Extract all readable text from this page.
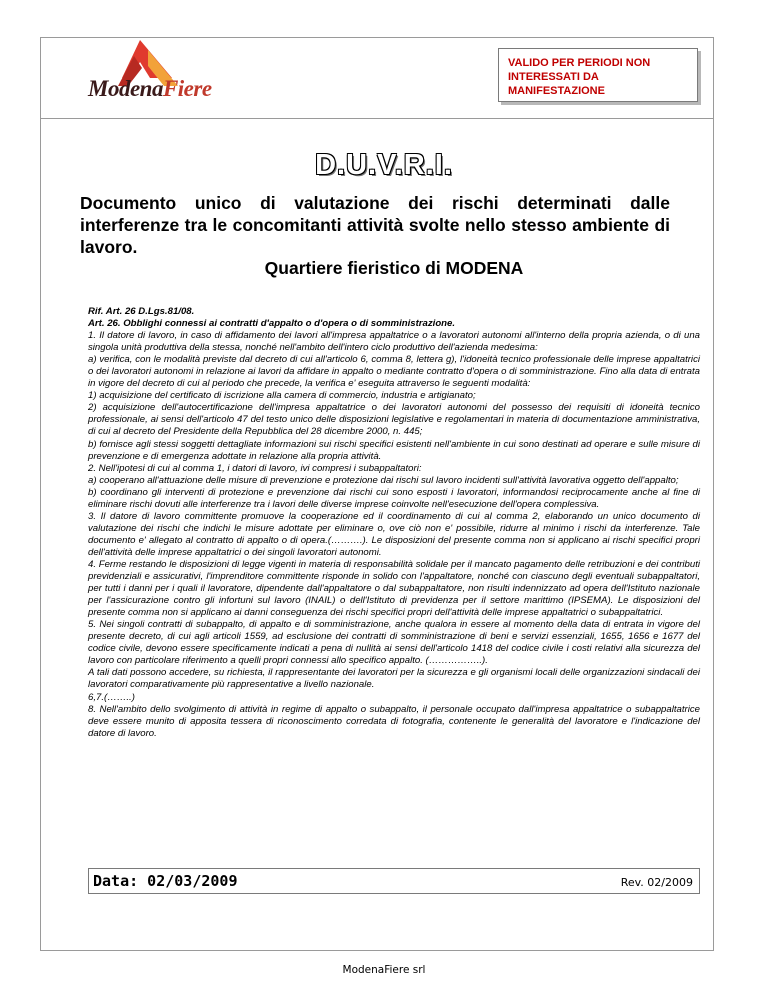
ModenaFiere
VALIDO PER PERIODI NON INTERESSATI DA MANIFESTAZIONE
D.U.V.R.I.
Documento unico di valutazione dei rischi determinati dalle interferenze tra le concomitanti attività svolte nello stesso ambiente di lavoro.
Quartiere fieristico di MODENA

Rif. Art. 26 D.Lgs.81/08.

Art. 26. Obblighi connessi ai contratti d'appalto o d'opera o di somministrazione.

1. Il datore di lavoro, in caso di affidamento dei lavori all'impresa appaltatrice o a lavoratori autonomi all'interno della propria azienda, o di una singola unità produttiva della stessa, nonché nell'ambito dell'intero ciclo produttivo dell'azienda medesima:

a) verifica, con le modalità previste dal decreto di cui all'articolo 6, comma 8, lettera g), l'idoneità tecnico professionale delle imprese appaltatrici o dei lavoratori autonomi in relazione ai lavori da affidare in appalto o mediante contratto d'opera o di somministrazione. Fino alla data di entrata in vigore del decreto di cui al periodo che precede, la verifica e' eseguita attraverso le seguenti modalità:

1) acquisizione del certificato di iscrizione alla camera di commercio, industria e artigianato;

2) acquisizione dell'autocertificazione dell'impresa appaltatrice o dei lavoratori autonomi del possesso dei requisiti di idoneità tecnico professionale, ai sensi dell'articolo 47 del testo unico delle disposizioni legislative e regolamentari in materia di documentazione amministrativa, di cui al decreto del Presidente della Repubblica del 28 dicembre 2000, n. 445;

b) fornisce agli stessi soggetti dettagliate informazioni sui rischi specifici esistenti nell'ambiente in cui sono destinati ad operare e sulle misure di prevenzione e di emergenza adottate in relazione alla propria attività.

2. Nell'ipotesi di cui al comma 1, i datori di lavoro, ivi compresi i subappaltatori:

a) cooperano all'attuazione delle misure di prevenzione e protezione dai rischi sul lavoro incidenti sull'attività lavorativa oggetto dell'appalto;

b) coordinano gli interventi di protezione e prevenzione dai rischi cui sono esposti i lavoratori, informandosi reciprocamente anche al fine di eliminare rischi dovuti alle interferenze tra i lavori delle diverse imprese coinvolte nell'esecuzione dell'opera complessiva.

3. Il datore di lavoro committente promuove la cooperazione ed il coordinamento di cui al comma 2, elaborando un unico documento di valutazione dei rischi che indichi le misure adottate per eliminare o, ove ciò non e' possibile, ridurre al minimo i rischi da interferenze. Tale documento e' allegato al contratto di appalto o di opera.(……….). Le disposizioni del presente comma non si applicano ai rischi specifici propri dell'attività delle imprese appaltatrici o dei singoli lavoratori autonomi.

4. Ferme restando le disposizioni di legge vigenti in materia di responsabilità solidale per il mancato pagamento delle retribuzioni e dei contributi previdenziali e assicurativi, l'imprenditore committente risponde in solido con l'appaltatore, nonché con ciascuno degli eventuali subappaltatori, per tutti i danni per i quali il lavoratore, dipendente dall'appaltatore o dal subappaltatore, non risulti indennizzato ad opera dell'Istituto nazionale per l'assicurazione contro gli infortuni sul lavoro (INAIL) o dell'Istituto di previdenza per il settore marittimo (IPSEMA). Le disposizioni del presente comma non si applicano ai danni conseguenza dei rischi specifici propri dell'attività delle imprese appaltatrici o subappaltatrici.

5. Nei singoli contratti di subappalto, di appalto e di somministrazione, anche qualora in essere al momento della data di entrata in vigore del presente decreto, di cui agli articoli 1559, ad esclusione dei contratti di somministrazione di beni e servizi essenziali, 1655, 1656 e 1677 del codice civile, devono essere specificamente indicati a pena di nullità ai sensi dell'articolo 1418 del codice civile i costi relativi alla sicurezza del lavoro con particolare riferimento a quelli propri connessi allo specifico appalto. (……………..).

A tali dati possono accedere, su richiesta, il rappresentante dei lavoratori per la sicurezza e gli organismi locali delle organizzazioni sindacali dei lavoratori comparativamente più rappresentative a livello nazionale.

6,7.(……..)

8. Nell'ambito dello svolgimento di attività in regime di appalto o subappalto, il personale occupato dall'impresa appaltatrice o subappaltatrice deve essere munito di apposita tessera di riconoscimento corredata di fotografia, contenente le generalità del lavoratore e l'indicazione del datore di lavoro.

Data: 02/03/2009	Rev. 02/2009
ModenaFiere srl
